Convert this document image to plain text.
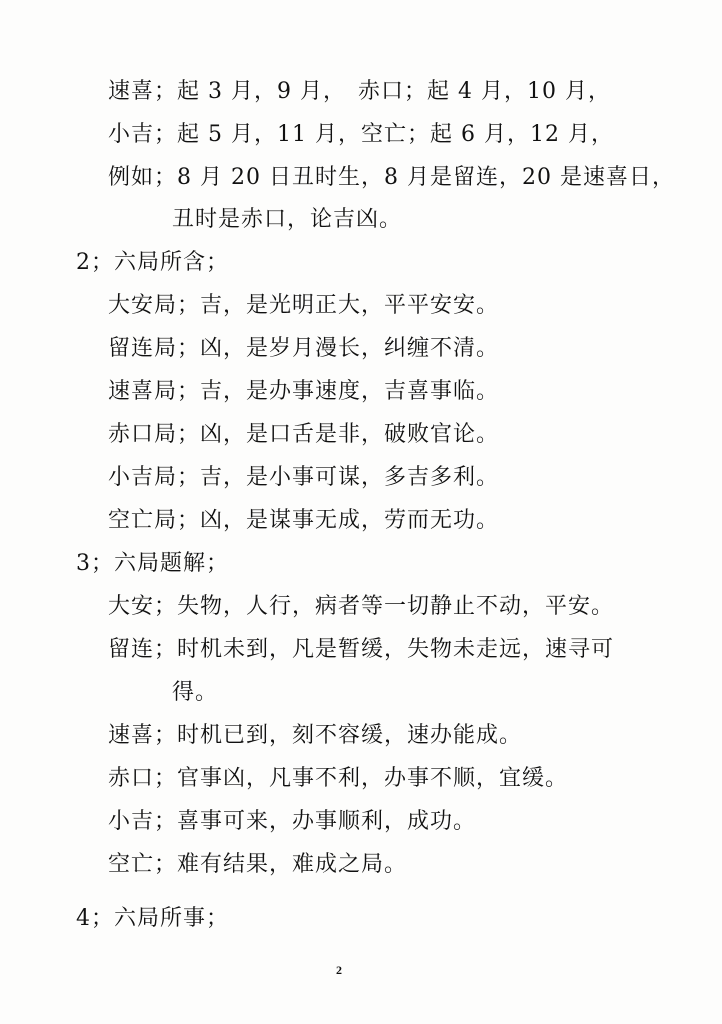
速喜；起 3 月，9 月，　赤口；起 4 月，10 月，
小吉；起 5 月，11 月，空亡；起 6 月，12 月，
例如；8 月 20 日丑时生，8 月是留连，20 是速喜日，
丑时是赤口，论吉凶。
2；六局所含；
大安局；吉，是光明正大，平平安安。
留连局；凶，是岁月漫长，纠缠不清。
速喜局；吉，是办事速度，吉喜事临。
赤口局；凶，是口舌是非，破败官论。
小吉局；吉，是小事可谋，多吉多利。
空亡局；凶，是谋事无成，劳而无功。
3；六局题解；
大安；失物，人行，病者等一切静止不动，平安。
留连；时机未到，凡是暂缓，失物未走远，速寻可
得。
速喜；时机已到，刻不容缓，速办能成。
赤口；官事凶，凡事不利，办事不顺，宜缓。
小吉；喜事可来，办事顺利，成功。
空亡；难有结果，难成之局。
4；六局所事；
2
